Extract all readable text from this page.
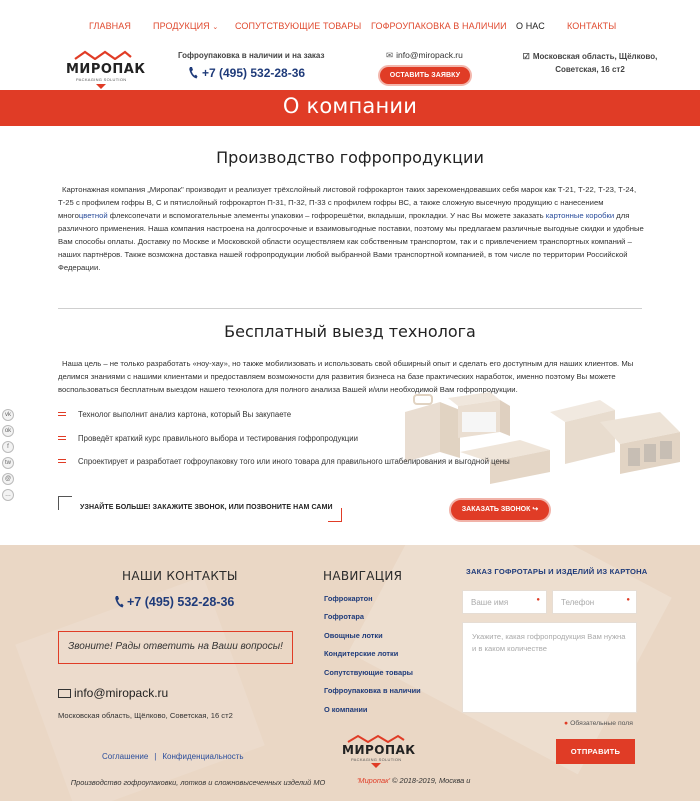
ГЛАВНАЯ ПРОДУКЦИЯ ⌄ СОПУТСТВУЮЩИЕ ТОВАРЫ ГОФРОУПАКОВКА В НАЛИЧИИ О НАС КОНТАКТЫ
МИРОПАК
PACKAGING SOLUTION
Гофроупаковка в наличии и на заказ
+7 (495) 532-28-36
✉ info@miropack.ru
ОСТАВИТЬ ЗАЯВКУ
☑ Московская область, Щёлково,
Советская, 16 ст2
О компании
Производство гофропродукции
Картонажная компания „Миропак" производит и реализует трёхслойный листовой гофрокартон таких зарекомендовавших себя марок как Т-21, Т-22, Т-23, Т-24, Т-25 с профилем гофры В, С и пятислойный гофрокартон П-31, П-32, П-33 с профилем гофры ВС, а также сложную высечную продукцию с нанесением многoцветной флексопечати и вспомогательные элементы упаковки – гофрорешётки, вкладыши, прокладки. У нас Вы можете заказать картонные коробки для различного применения. Наша компания настроена на долгосрочные и взаимовыгодные поставки, поэтому мы предлагаем различные выгодные скидки и удобные Вам способы оплаты. Доставку по Москве и Московской области осуществляем как собственным транспортом, так и с привлечением транспортных компаний – наших партнёров. Также возможна доставка нашей гофропродукции любой выбранной Вами транспортной компанией, в том числе по территории Российской Федерации.
Бесплатный выезд технолога
Наша цель – не только разработать «ноу-хау», но также мобилизовать и использовать свой обширный опыт и сделать его доступным для наших клиентов. Мы делимся знаниями с нашими клиентами и предоставляем возможности для развития бизнеса на базе практических наработок, именно поэтому Вы можете воспользоваться бесплатным выездом нашего технолога для полного анализа Вашей и/или необходимой Вам гофропродукции.
Технолог выполнит анализ картона, который Вы закупаете
Проведёт краткий курс правильного выбора и тестирования гофропродукции
Спроектирует и разработает гофроупаковку того или иного товара для правильного штабелирования и выгодной цены
УЗНАЙТЕ БОЛЬШЕ! ЗАКАЖИТЕ ЗВОНОК, ИЛИ ПОЗВОНИТЕ НАМ САМИ	ЗАКАЗАТЬ ЗВОНОК ↪
vk
ok
f
tw
@
…
НАШИ КОНТАКТЫ
+7 (495) 532-28-36
Звоните! Рады ответить на Ваши вопросы!
info@miropack.ru
Московская область, Щёлково, Советская, 16 ст2
Соглашение | Конфиденциальность
НАВИГАЦИЯ
Гофрокартон
Гофротара
Овощные лотки
Кондитерские лотки
Сопутствующие товары
Гофроупаковка в наличии
О компании
МИРОПАК
PACKAGING SOLUTION
ЗАКАЗ ГОФРОТАРЫ И ИЗДЕЛИЙ ИЗ КАРТОНА
Ваше имя	●	Телефон	●
Укажите, какая гофропродукция Вам нужна и в каком количестве
● Обязательные поля
ОТПРАВИТЬ
Производство гофроупаковки, лотков и сложновысеченных изделий МО	'Миропак' © 2018-2019, Москва и
